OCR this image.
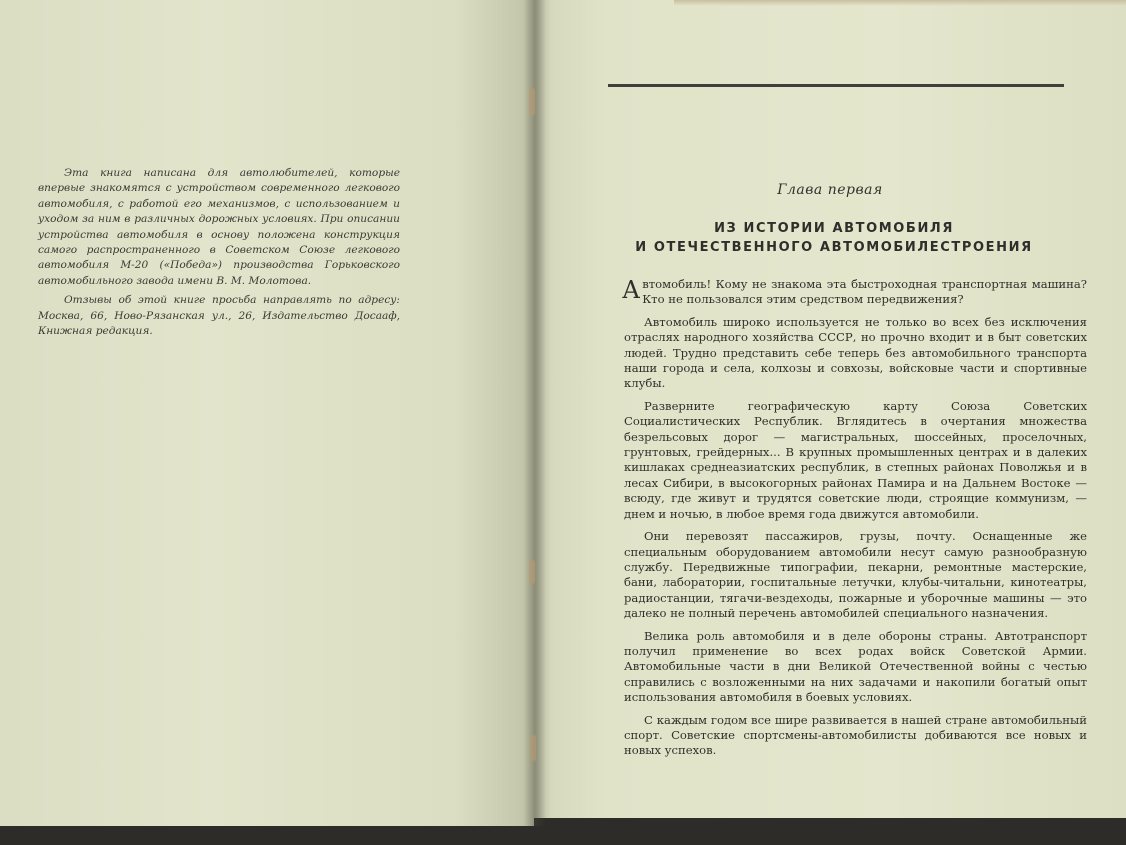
Эта книга написана для автолюбителей, которые впервые знакомятся с устройством современного легкового автомобиля, с работой его механизмов, с использованием и уходом за ним в различных дорожных условиях. При описании устройства автомобиля в основу положена конструкция самого распространенного в Советском Союзе легкового автомобиля М-20 («Победа») производства Горьковского автомобильного завода имени В. М. Молотова.

Отзывы об этой книге просьба направлять по адресу: Москва, 66, Ново-Рязанская ул., 26, Издательство Досааф, Книжная редакция.

Глава первая
ИЗ ИСТОРИИ АВТОМОБИЛЯ
И ОТЕЧЕСТВЕННОГО АВТОМОБИЛЕСТРОЕНИЯ

Автомобиль! Кому не знакома эта быстроходная транспортная машина? Кто не пользовался этим средством передвижения?

Автомобиль широко используется не только во всех без исключения отраслях народного хозяйства СССР, но прочно входит и в быт советских людей. Трудно представить себе теперь без автомобильного транспорта наши города и села, колхозы и совхозы, войсковые части и спортивные клубы.

Разверните географическую карту Союза Советских Социалистических Республик. Вглядитесь в очертания множества безрельсовых дорог — магистральных, шоссейных, проселочных, грунтовых, грейдерных... В крупных промышленных центрах и в далеких кишлаках среднеазиатских республик, в степных районах Поволжья и в лесах Сибири, в высокогорных районах Памира и на Дальнем Востоке — всюду, где живут и трудятся советские люди, строящие коммунизм, — днем и ночью, в любое время года движутся автомобили.

Они перевозят пассажиров, грузы, почту. Оснащенные же специальным оборудованием автомобили несут самую разнообразную службу. Передвижные типографии, пекарни, ремонтные мастерские, бани, лаборатории, госпитальные летучки, клубы-читальни, кинотеатры, радиостанции, тягачи-вездеходы, пожарные и уборочные машины — это далеко не полный перечень автомобилей специального назначения.

Велика роль автомобиля и в деле обороны страны. Автотранспорт получил применение во всех родах войск Советской Армии. Автомобильные части в дни Великой Отечественной войны с честью справились с возложенными на них задачами и накопили богатый опыт использования автомобиля в боевых условиях.

С каждым годом все шире развивается в нашей стране автомобильный спорт. Советские спортсмены-автомобилисты добиваются все новых и новых успехов.
